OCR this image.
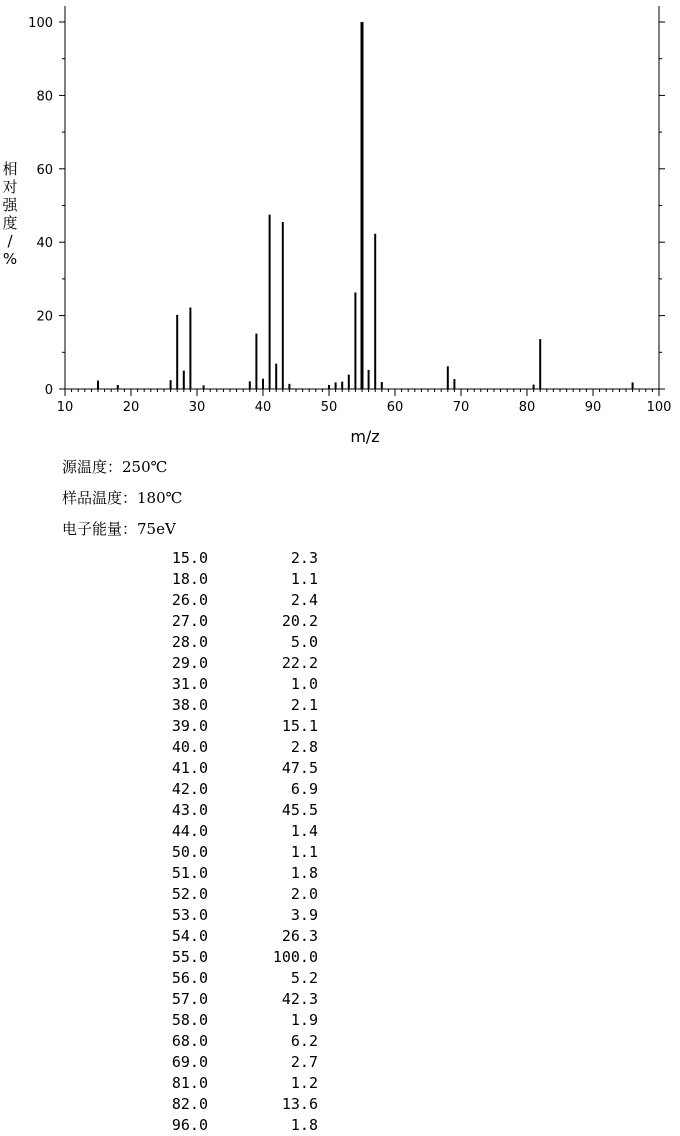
0
20
40
60
80
100
10	20	30	40	50	60	70	80	90	100
m/z
相
对
强
度
/
%
源温度：250℃
样品温度：180℃
电子能量：75eV
15.0	2.3
18.0	1.1
26.0	2.4
27.0	20.2
28.0	5.0
29.0	22.2
31.0	1.0
38.0	2.1
39.0	15.1
40.0	2.8
41.0	47.5
42.0	6.9
43.0	45.5
44.0	1.4
50.0	1.1
51.0	1.8
52.0	2.0
53.0	3.9
54.0	26.3
55.0	100.0
56.0	5.2
57.0	42.3
58.0	1.9
68.0	6.2
69.0	2.7
81.0	1.2
82.0	13.6
96.0	1.8
